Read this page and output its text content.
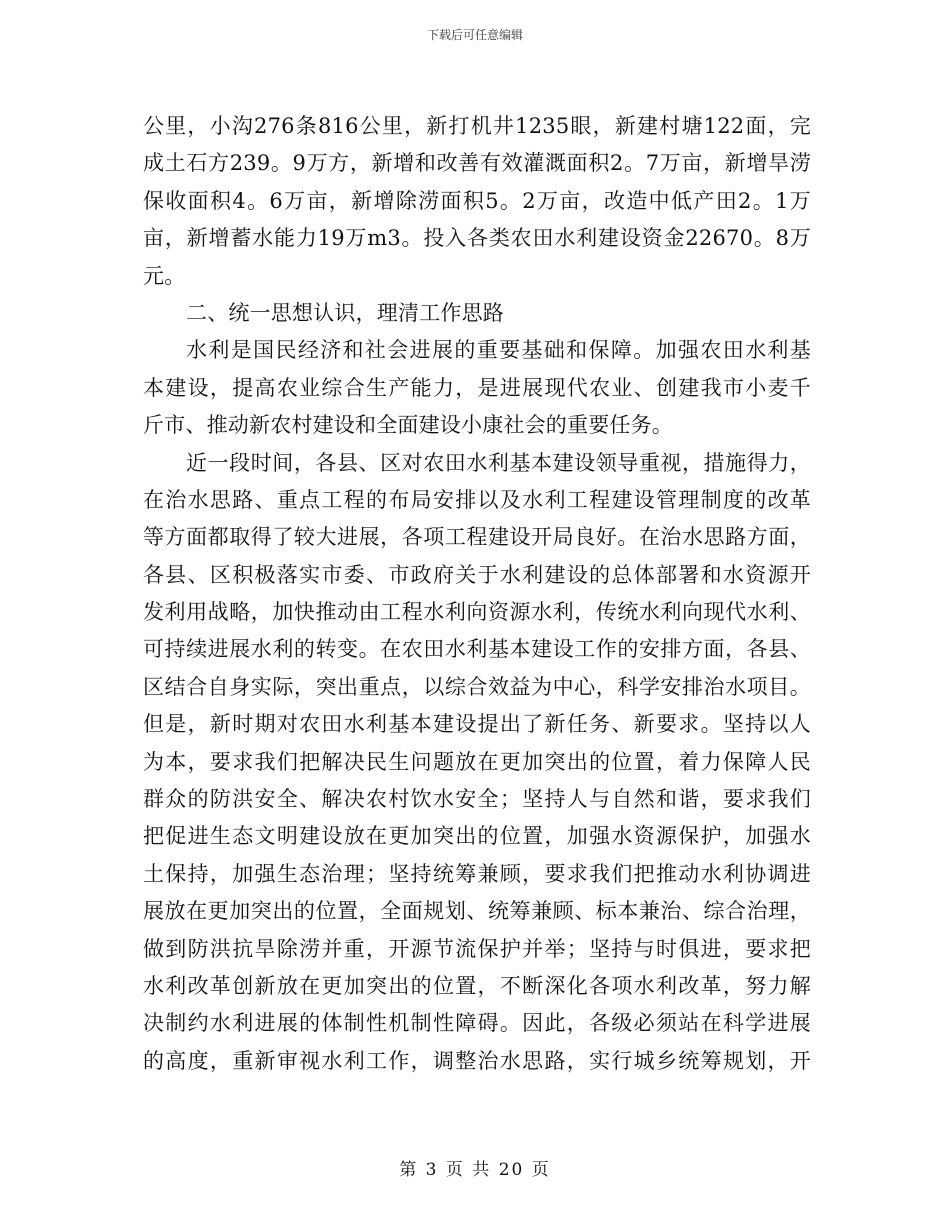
下载后可任意编辑
公里，小沟276条816公里，新打机井1235眼，新建村塘122面，完
成土石方239。9万方，新增和改善有效灌溉面积2。7万亩，新增旱涝
保收面积4。6万亩，新增除涝面积5。2万亩，改造中低产田2。1万
亩，新增蓄水能力19万m3。投入各类农田水利建设资金22670。8万
元。
二、统一思想认识，理清工作思路
水利是国民经济和社会进展的重要基础和保障。加强农田水利基
本建设，提高农业综合生产能力，是进展现代农业、创建我市小麦千
斤市、推动新农村建设和全面建设小康社会的重要任务。
近一段时间，各县、区对农田水利基本建设领导重视，措施得力，
在治水思路、重点工程的布局安排以及水利工程建设管理制度的改革
等方面都取得了较大进展，各项工程建设开局良好。在治水思路方面，
各县、区积极落实市委、市政府关于水利建设的总体部署和水资源开
发利用战略，加快推动由工程水利向资源水利，传统水利向现代水利、
可持续进展水利的转变。在农田水利基本建设工作的安排方面，各县、
区结合自身实际，突出重点，以综合效益为中心，科学安排治水项目。
但是，新时期对农田水利基本建设提出了新任务、新要求。坚持以人
为本，要求我们把解决民生问题放在更加突出的位置，着力保障人民
群众的防洪安全、解决农村饮水安全；坚持人与自然和谐，要求我们
把促进生态文明建设放在更加突出的位置，加强水资源保护，加强水
土保持，加强生态治理；坚持统筹兼顾，要求我们把推动水利协调进
展放在更加突出的位置，全面规划、统筹兼顾、标本兼治、综合治理，
做到防洪抗旱除涝并重，开源节流保护并举；坚持与时俱进，要求把
水利改革创新放在更加突出的位置，不断深化各项水利改革，努力解
决制约水利进展的体制性机制性障碍。因此，各级必须站在科学进展
的高度，重新审视水利工作，调整治水思路，实行城乡统筹规划，开
第 3 页 共 20 页
